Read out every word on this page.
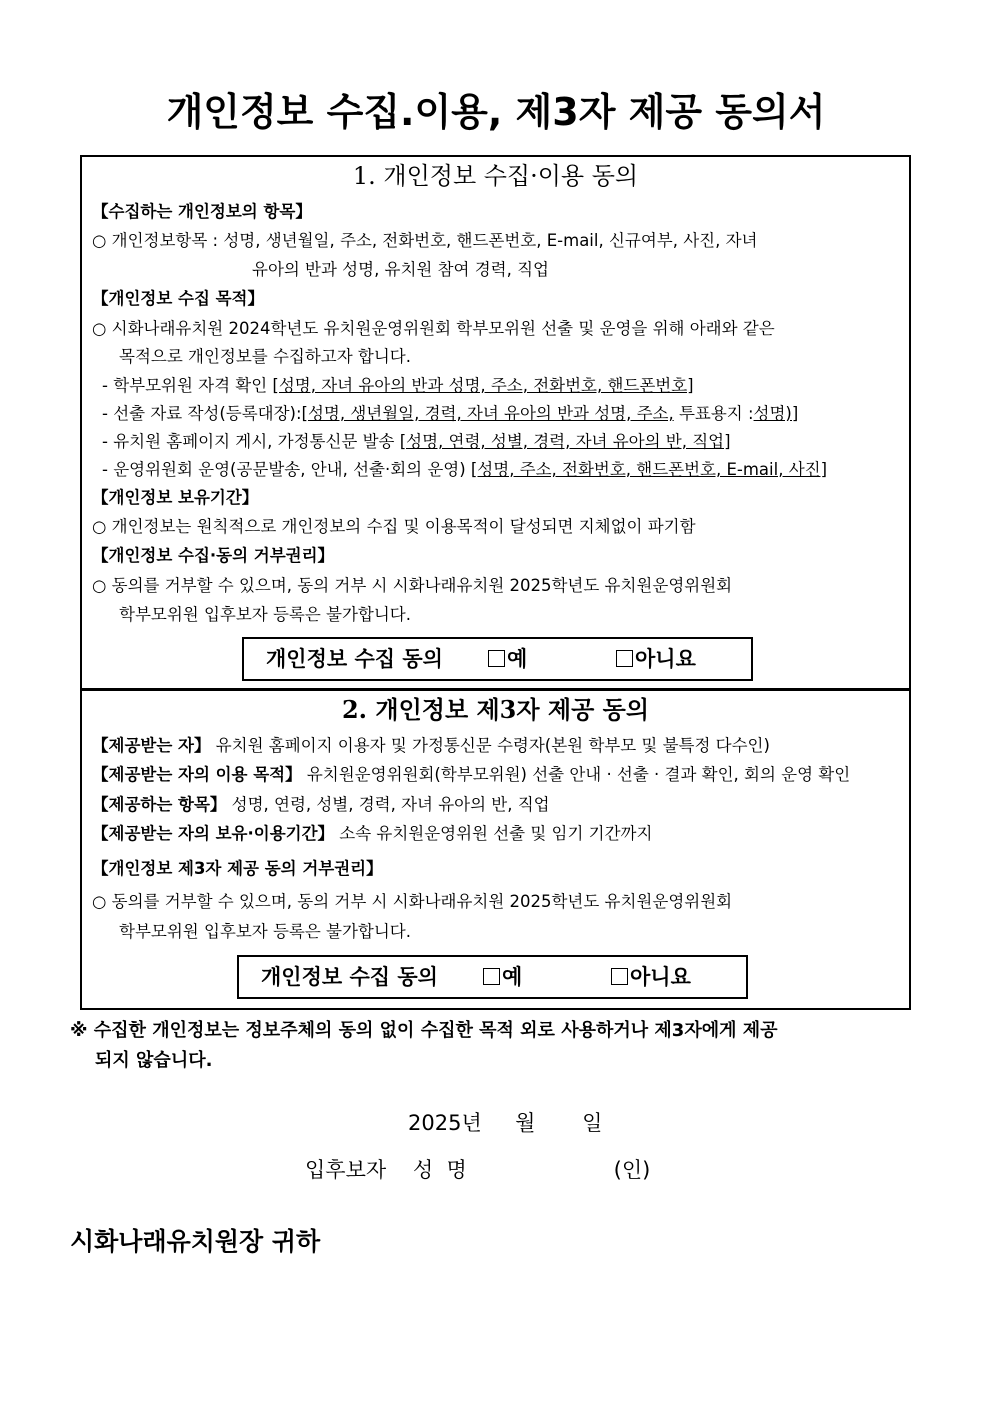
개인정보 수집.이용, 제3자 제공 동의서
1. 개인정보 수집·이용 동의
【수집하는 개인정보의 항목】
○ 개인정보항목 : 성명, 생년월일, 주소, 전화번호, 핸드폰번호, E-mail, 신규여부, 사진, 자녀
유아의 반과 성명, 유치원 참여 경력, 직업
【개인정보 수집 목적】
○ 시화나래유치원 2024학년도 유치원운영위원회 학부모위원 선출 및 운영을 위해 아래와 같은
목적으로 개인정보를 수집하고자 합니다.
- 학부모위원 자격 확인 [성명, 자녀 유아의 반과 성명, 주소, 전화번호, 핸드폰번호]
- 선출 자료 작성(등록대장):[성명, 생년월일, 경력, 자녀 유아의 반과 성명, 주소, 투표용지 :성명)]
- 유치원 홈페이지 게시, 가정통신문 발송 [성명, 연령, 성별, 경력, 자녀 유아의 반, 직업]
- 운영위원회 운영(공문발송, 안내, 선출·회의 운영) [성명, 주소, 전화번호, 핸드폰번호, E-mail, 사진]
【개인정보 보유기간】
○ 개인정보는 원칙적으로 개인정보의 수집 및 이용목적이 달성되면 지체없이 파기함
【개인정보 수집·동의 거부권리】
○ 동의를 거부할 수 있으며, 동의 거부 시 시화나래유치원 2025학년도 유치원운영위원회
학부모위원 입후보자 등록은 불가합니다.
개인정보 수집 동의	예	아니요
2. 개인정보 제3자 제공 동의
【제공받는 자】 유치원 홈페이지 이용자 및 가정통신문 수령자(본원 학부모 및 불특정 다수인)
【제공받는 자의 이용 목적】 유치원운영위원회(학부모위원) 선출 안내 · 선출 · 결과 확인, 회의 운영 확인
【제공하는 항목】 성명, 연령, 성별, 경력, 자녀 유아의 반, 직업
【제공받는 자의 보유·이용기간】 소속 유치원운영위원 선출 및 임기 기간까지
【개인정보 제3자 제공 동의 거부권리】
○ 동의를 거부할 수 있으며, 동의 거부 시 시화나래유치원 2025학년도 유치원운영위원회
학부모위원 입후보자 등록은 불가합니다.
개인정보 수집 동의	예	아니요
※ 수집한 개인정보는 정보주체의 동의 없이 수집한 목적 외로 사용하거나 제3자에게 제공
되지 않습니다.
2025년     월       일
입후보자    성  명                      (인)
시화나래유치원장 귀하
